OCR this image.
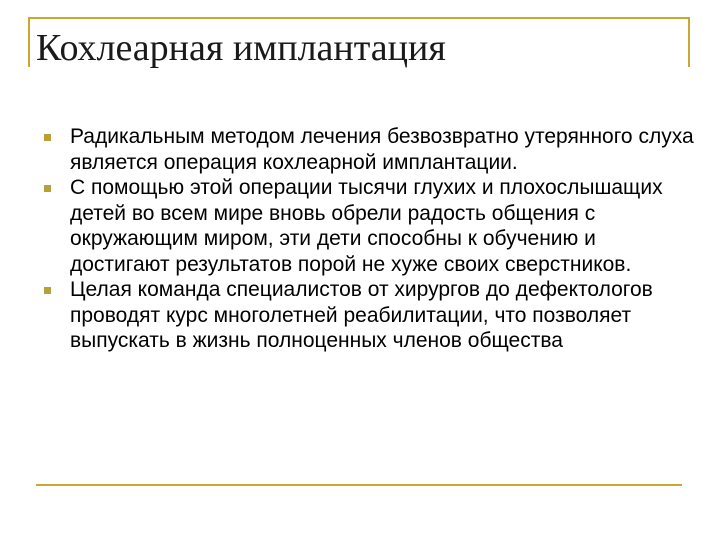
Кохлеарная имплантация
Радикальным методом лечения безвозвратно утерянного слуха является операция кохлеарной имплантации.
С помощью этой операции тысячи глухих и плохослышащих детей во всем мире вновь обрели радость общения с окружающим миром, эти дети способны к обучению и достигают результатов порой не хуже своих сверстников.
Целая команда специалистов от хирургов до дефектологов проводят курс многолетней реабилитации, что позволяет выпускать в жизнь полноценных членов общества
